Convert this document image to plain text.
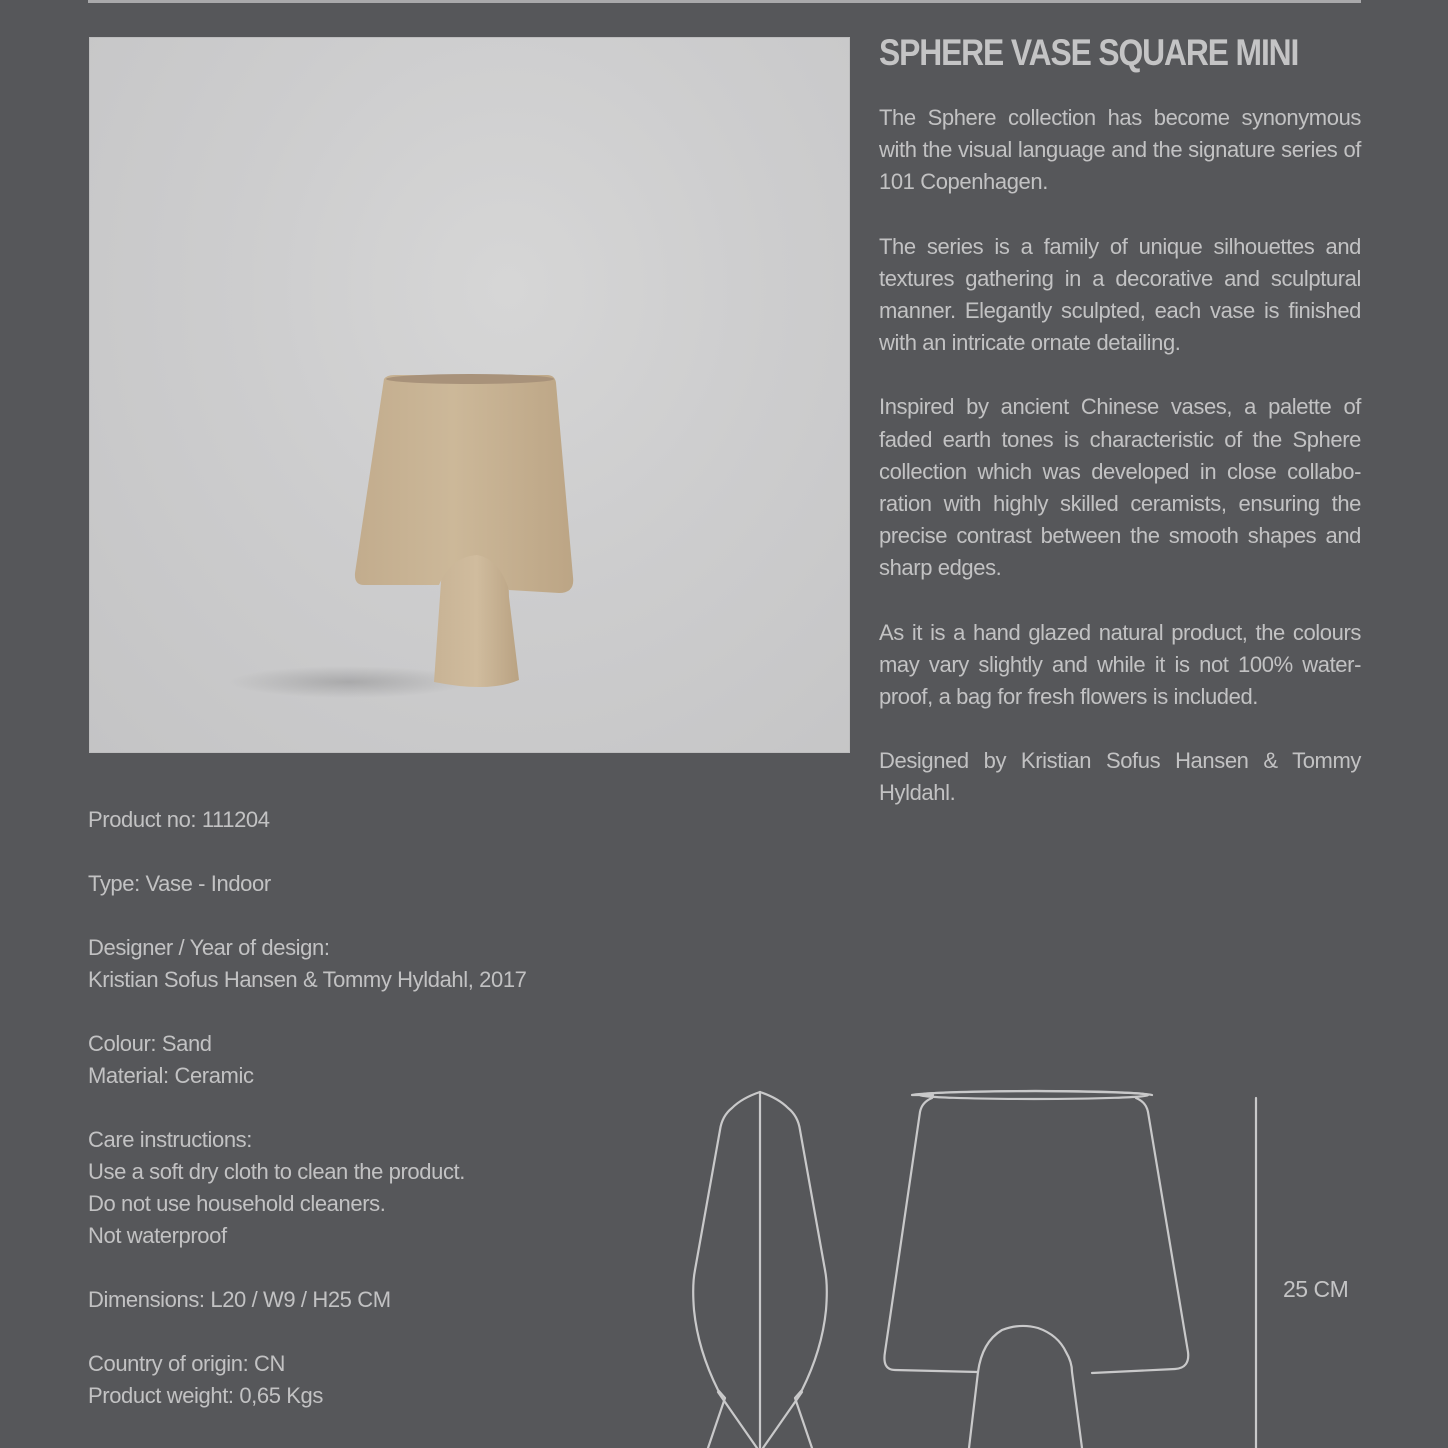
SPHERE VASE SQUARE MINI

The Sphere collection has become synonymous with the visual language and the signature series of 101 Copenhagen.

The series is a family of unique silhouettes and textures gathering in a decorative and sculptural manner. Elegantly sculpted, each vase is finished with an intricate ornate detailing.

Inspired by ancient Chinese vases, a palette of faded earth tones is characteristic of the Sphere collection which was developed in close collabo-ration with highly skilled ceramists, ensuring the precise contrast between the smooth shapes and sharp edges.

As it is a hand glazed natural product, the colours may vary slightly and while it is not 100% water-proof, a bag for fresh flowers is included.

Designed by Kristian Sofus Hansen & Tommy Hyldahl.

Product no: 111204
Type: Vase - Indoor
Designer / Year of design:
Kristian Sofus Hansen & Tommy Hyldahl, 2017
Colour: Sand
Material: Ceramic
Care instructions:
Use a soft dry cloth to clean the product.
Do not use household cleaners.
Not waterproof
Dimensions: L20 / W9 / H25 CM
Country of origin: CN
Product weight: 0,65 Kgs
25 CM
